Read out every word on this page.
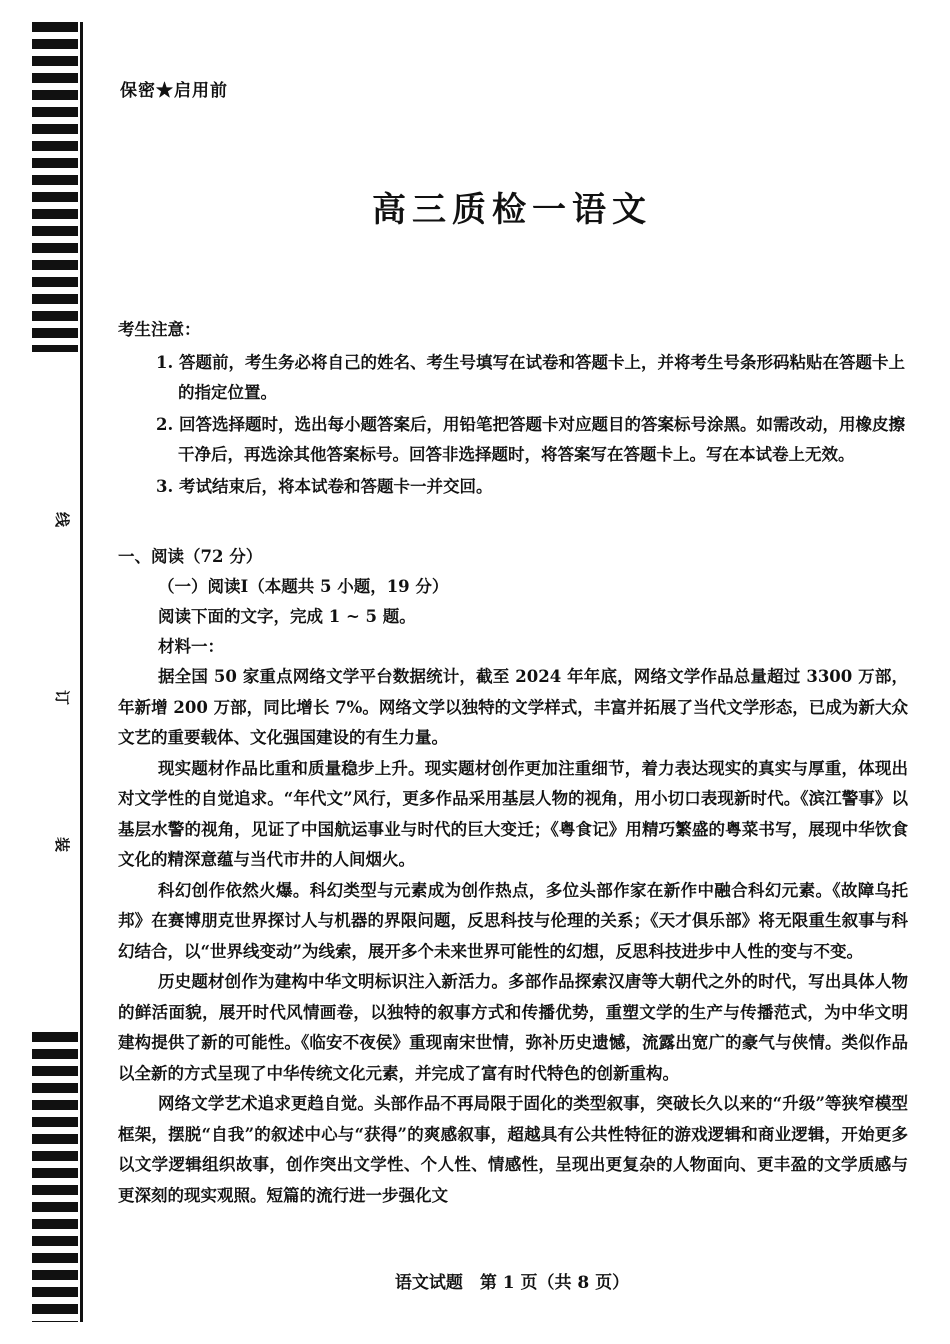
线
订
装
保密★启用前
高三质检一语文
考生注意：
1. 答题前，考生务必将自己的姓名、考生号填写在试卷和答题卡上，并将考生号条形码粘贴在答题卡上的指定位置。
2. 回答选择题时，选出每小题答案后，用铅笔把答题卡对应题目的答案标号涂黑。如需改动，用橡皮擦干净后，再选涂其他答案标号。回答非选择题时，将答案写在答题卡上。写在本试卷上无效。
3. 考试结束后，将本试卷和答题卡一并交回。
一、阅读（72 分）
（一）阅读Ⅰ（本题共 5 小题，19 分）
阅读下面的文字，完成 1 ~ 5 题。
材料一：

据全国 50 家重点网络文学平台数据统计，截至 2024 年年底，网络文学作品总量超过 3300 万部，年新增 200 万部，同比增长 7%。网络文学以独特的文学样式，丰富并拓展了当代文学形态，已成为新大众文艺的重要载体、文化强国建设的有生力量。

现实题材作品比重和质量稳步上升。现实题材创作更加注重细节，着力表达现实的真实与厚重，体现出对文学性的自觉追求。“年代文”风行，更多作品采用基层人物的视角，用小切口表现新时代。《滨江警事》以基层水警的视角，见证了中国航运事业与时代的巨大变迁；《粤食记》用精巧繁盛的粤菜书写，展现中华饮食文化的精深意蕴与当代市井的人间烟火。

科幻创作依然火爆。科幻类型与元素成为创作热点，多位头部作家在新作中融合科幻元素。《故障乌托邦》在赛博朋克世界探讨人与机器的界限问题，反思科技与伦理的关系；《天才俱乐部》将无限重生叙事与科幻结合，以“世界线变动”为线索，展开多个未来世界可能性的幻想，反思科技进步中人性的变与不变。

历史题材创作为建构中华文明标识注入新活力。多部作品探索汉唐等大朝代之外的时代，写出具体人物的鲜活面貌，展开时代风情画卷，以独特的叙事方式和传播优势，重塑文学的生产与传播范式，为中华文明建构提供了新的可能性。《临安不夜侯》重现南宋世情，弥补历史遗憾，流露出宽广的豪气与侠情。类似作品以全新的方式呈现了中华传统文化元素，并完成了富有时代特色的创新重构。

网络文学艺术追求更趋自觉。头部作品不再局限于固化的类型叙事，突破长久以来的“升级”等狭窄模型框架，摆脱“自我”的叙述中心与“获得”的爽感叙事，超越具有公共性特征的游戏逻辑和商业逻辑，开始更多以文学逻辑组织故事，创作突出文学性、个人性、情感性，呈现出更复杂的人物面向、更丰盈的文学质感与更深刻的现实观照。短篇的流行进一步强化文

语文试题　第 1 页（共 8 页）
